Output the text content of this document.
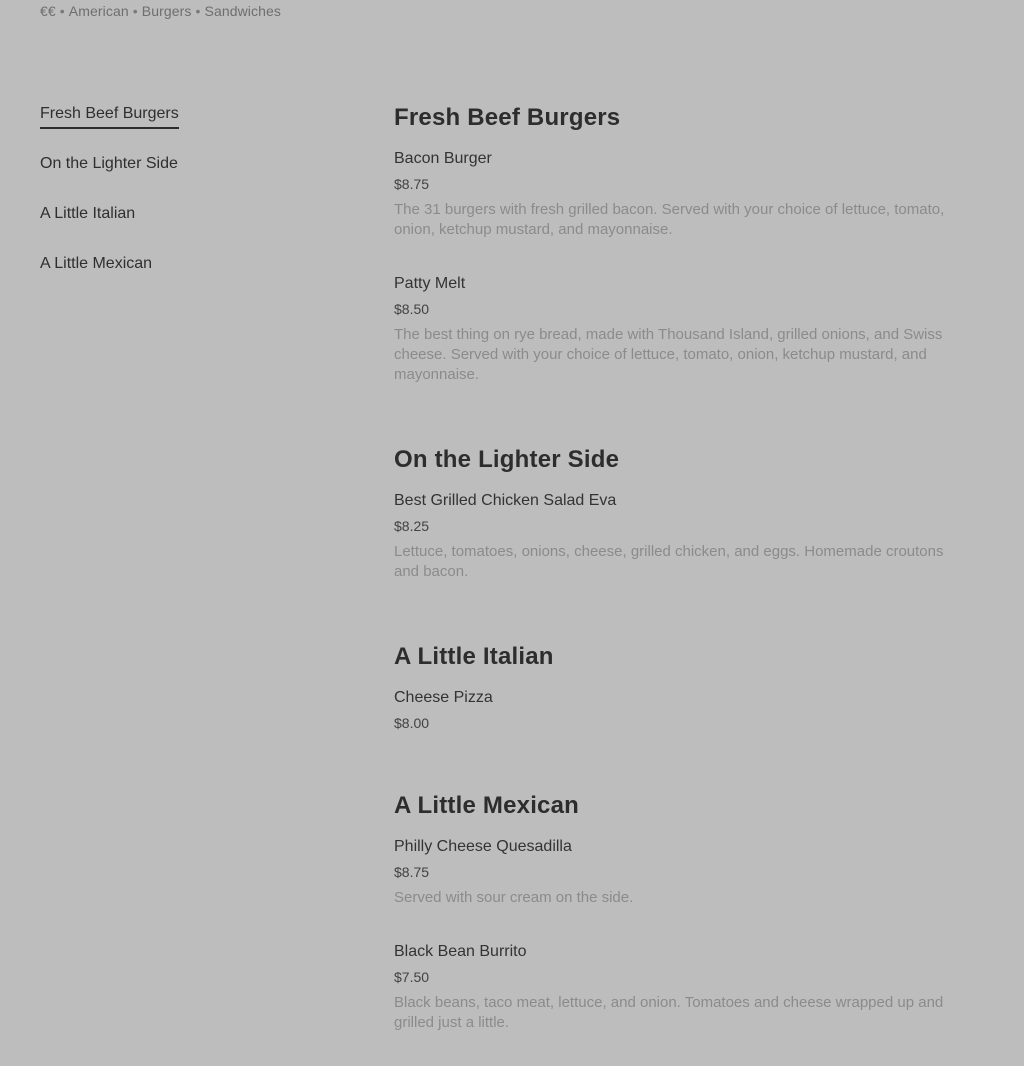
€€ • American • Burgers • Sandwiches
Fresh Beef Burgers
On the Lighter Side
A Little Italian
A Little Mexican
Fresh Beef Burgers
Bacon Burger
$8.75
The 31 burgers with fresh grilled bacon. Served with your choice of lettuce, tomato, onion, ketchup mustard, and mayonnaise.
Patty Melt
$8.50
The best thing on rye bread, made with Thousand Island, grilled onions, and Swiss cheese. Served with your choice of lettuce, tomato, onion, ketchup mustard, and mayonnaise.
On the Lighter Side
Best Grilled Chicken Salad Eva
$8.25
Lettuce, tomatoes, onions, cheese, grilled chicken, and eggs. Homemade croutons and bacon.
A Little Italian
Cheese Pizza
$8.00
A Little Mexican
Philly Cheese Quesadilla
$8.75
Served with sour cream on the side.
Black Bean Burrito
$7.50
Black beans, taco meat, lettuce, and onion. Tomatoes and cheese wrapped up and grilled just a little.
